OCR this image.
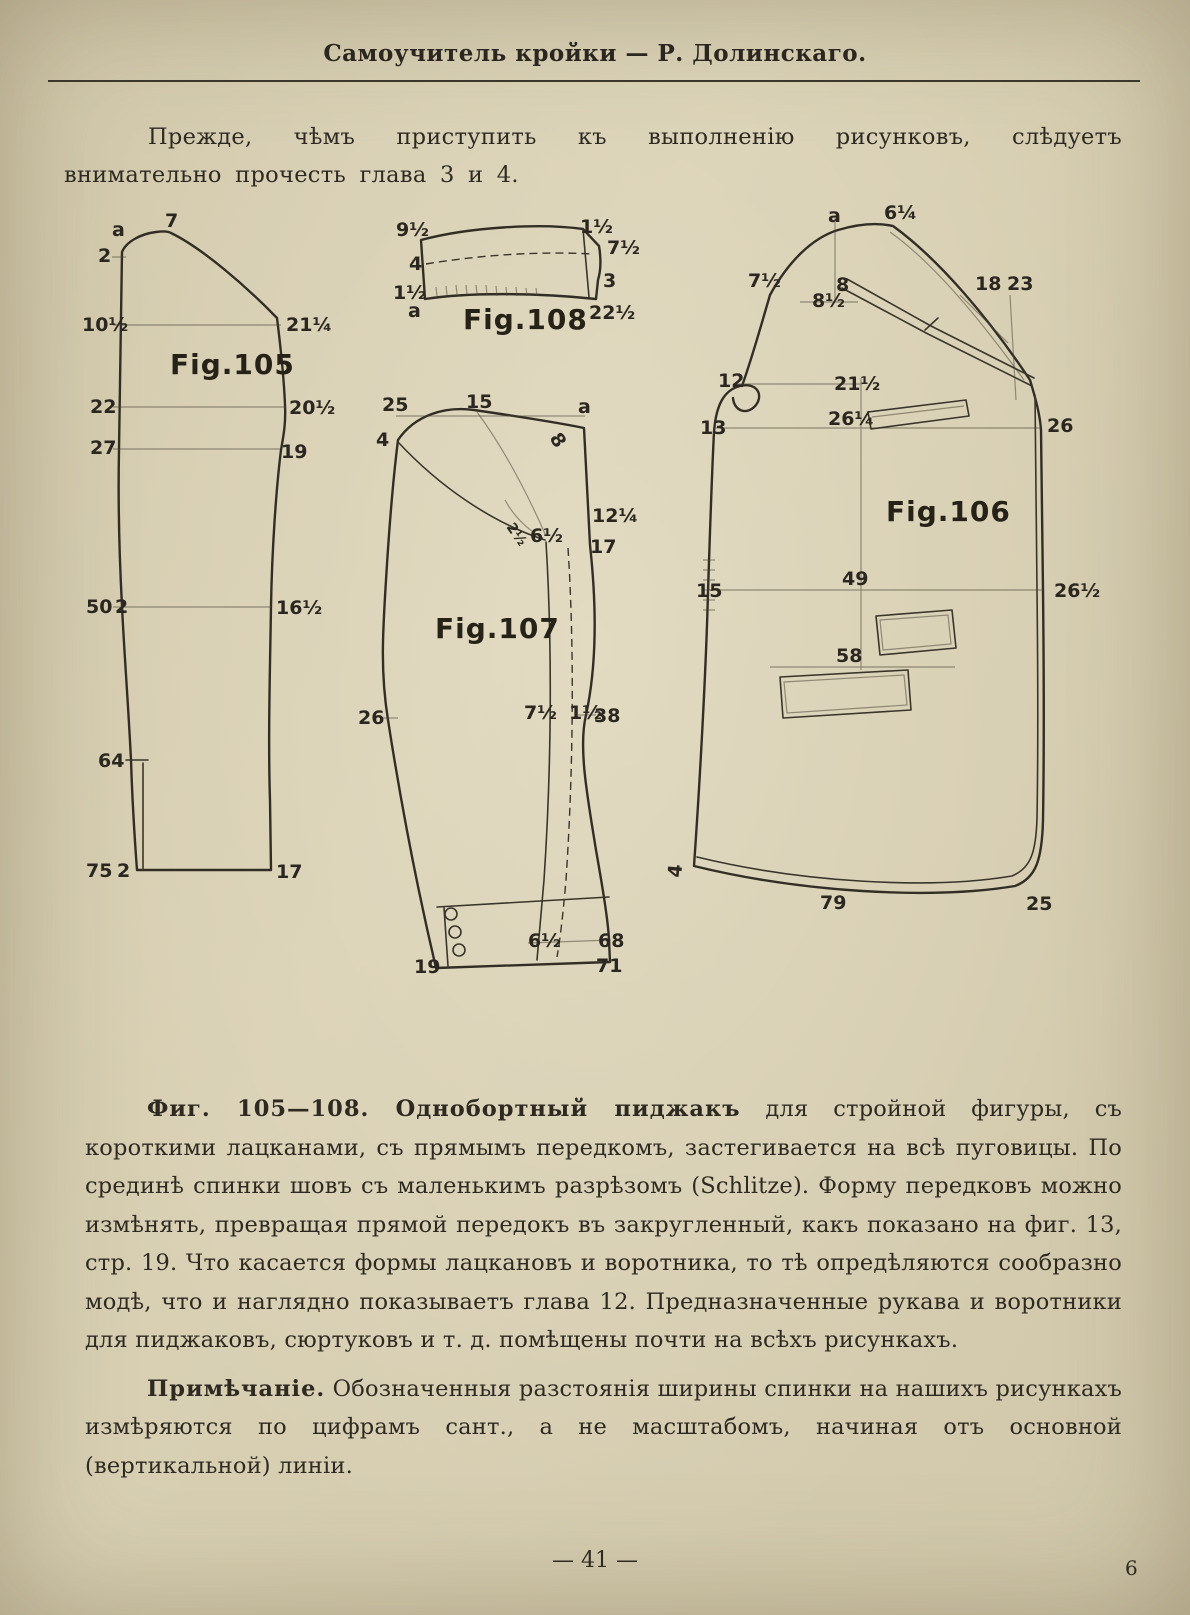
Самоучитель кройки — Р. Долинскаго.
Прежде, чѣмъ приступить къ выполненію рисунковъ, слѣдуетъ внимательно прочесть глава 3 и 4.
a 7
2
10½	21¼
22	20½
27	19
50 2	16½
64
75 2	17
Fig.105
9½	1½
7½
4
3
1½
a	22½
Fig.108
25	15	a
4	8
2½ 6½
12¼
17
26	7½ 1½
38
6½ 68
19	71
Fig.107
a 6¼
7½	8
8½
18 23
12	21½
13	26¼	26
15
49
26½
58
4
79	25
Fig.106

Фиг. 105—108. Однобортный пиджакъ для стройной фигуры, съ короткими лацканами, съ прямымъ передкомъ, застегивается на всѣ пуговицы. По срединѣ спинки шовъ съ маленькимъ разрѣзомъ (Schlitze). Форму передковъ можно измѣнять, превращая прямой передокъ въ закругленный, какъ показано на фиг. 13, стр. 19. Что касается формы лацкановъ и воротника, то тѣ опредѣляются сообразно модѣ, что и наглядно показываетъ глава 12. Предназначенные рукава и воротники для пиджаковъ, сюртуковъ и т. д. помѣщены почти на всѣхъ рисункахъ.

Примѣчаніе. Обозначенныя разстоянія ширины спинки на нашихъ рисункахъ измѣряются по цифрамъ сант., а не масштабомъ, начиная отъ основной (вертикальной) линіи.

— 41 —	6
